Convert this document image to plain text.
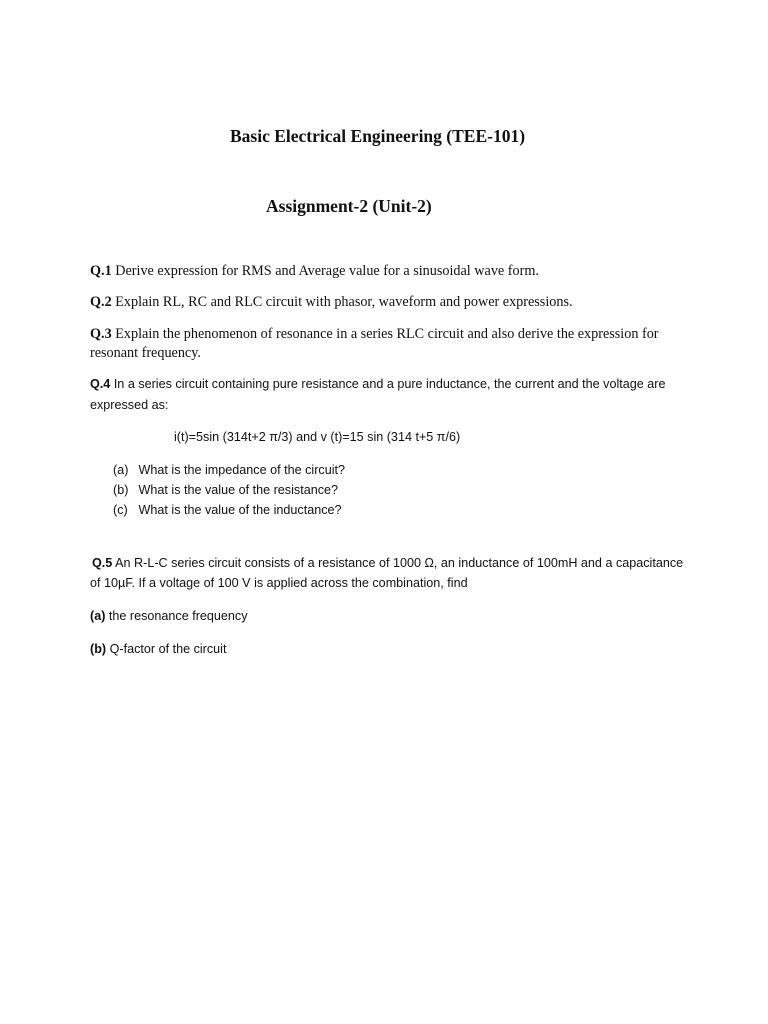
Basic Electrical Engineering (TEE-101)
Assignment-2 (Unit-2)
Q.1 Derive expression for RMS and Average value for a sinusoidal wave form.
Q.2 Explain RL, RC and RLC circuit with phasor, waveform and power expressions.
Q.3 Explain the phenomenon of resonance in a series RLC circuit and also derive the expression for
resonant frequency.
Q.4 In a series circuit containing pure resistance and a pure inductance, the current and the voltage are
expressed as:
i(t)=5sin (314t+2 π/3) and v (t)=15 sin (314 t+5 π/6)
(a) What is the impedance of the circuit?
(b) What is the value of the resistance?
(c) What is the value of the inductance?
Q.5 An R-L-C series circuit consists of a resistance of 1000 Ω, an inductance of 100mH and a capacitance
of 10µF. If a voltage of 100 V is applied across the combination, find
(a) the resonance frequency
(b) Q-factor of the circuit
